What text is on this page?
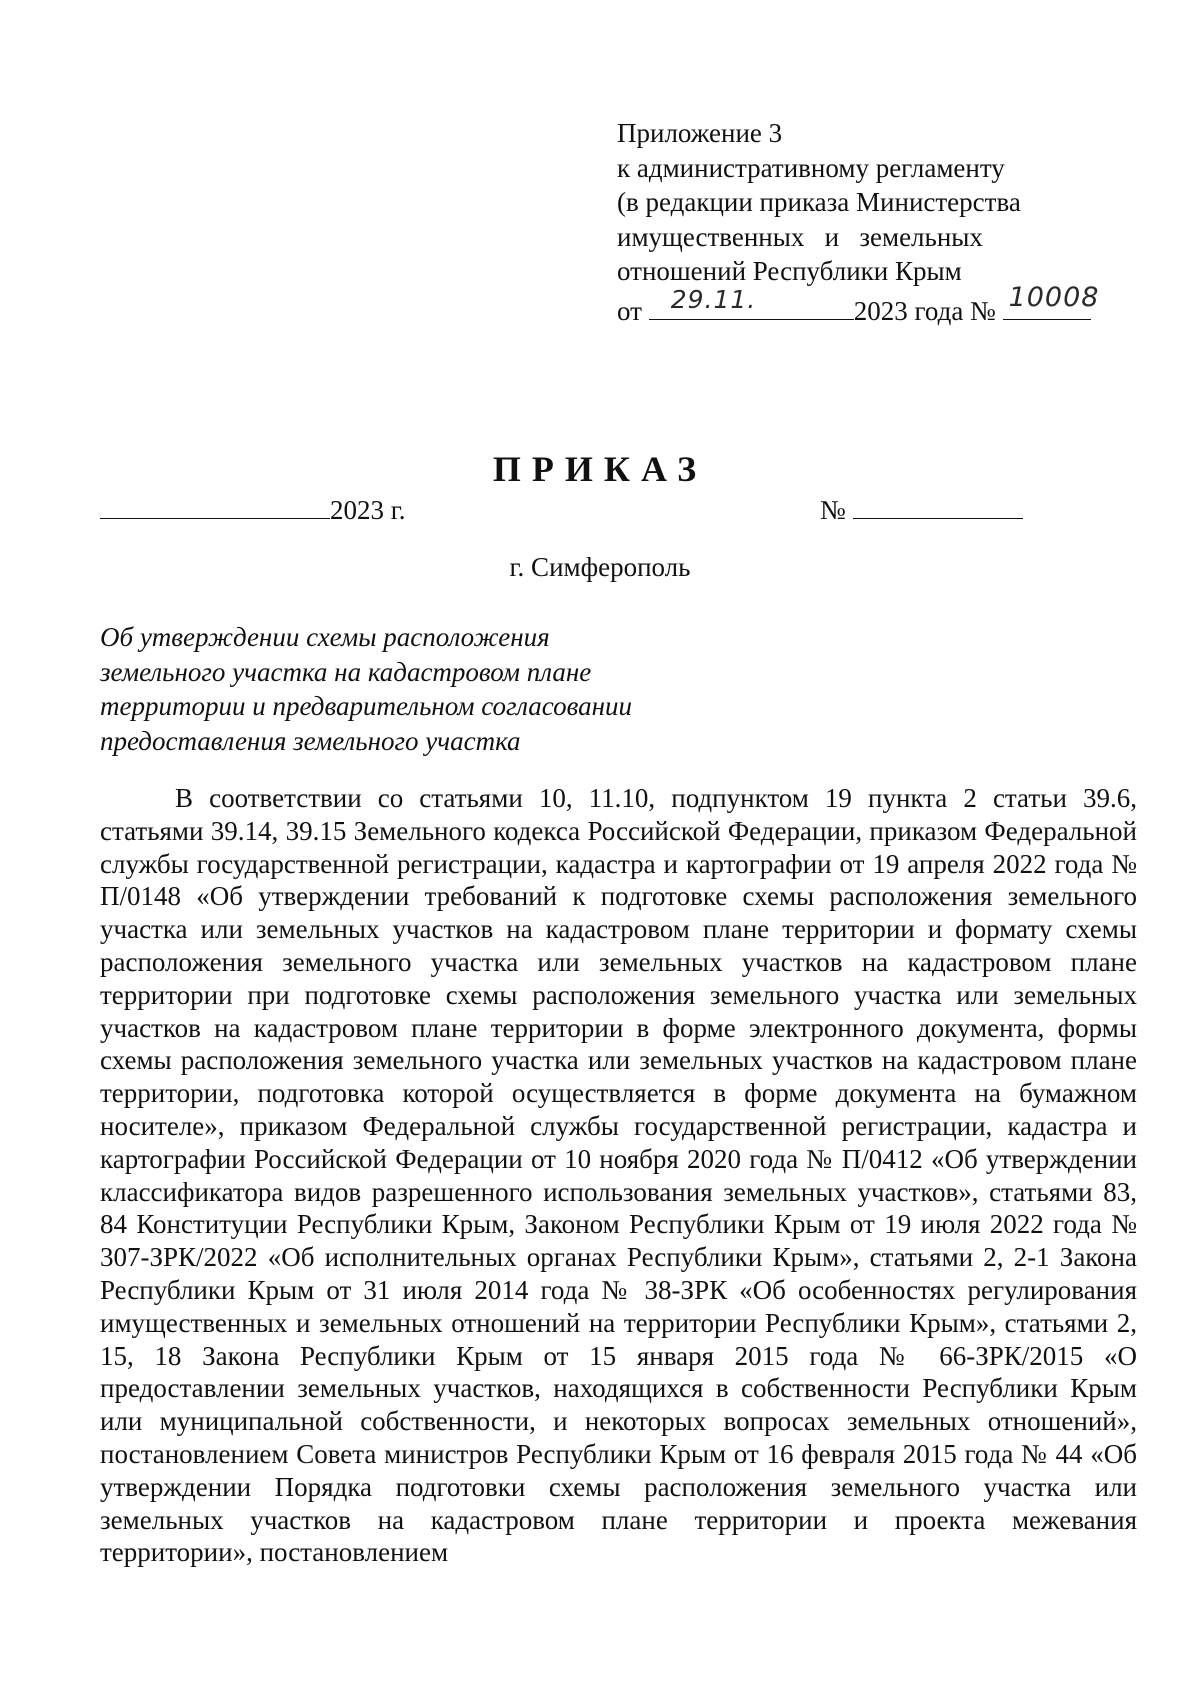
Приложение 3
к административному регламенту
(в редакции приказа Министерства
имущественных   и   земельных
отношений Республики Крым
от 29.11.	2023 года № 10008
ПРИКАЗ
2023 г.	№
г. Симферополь
Об утверждении схемы расположения
земельного участка на кадастровом плане
территории и предварительном согласовании
предоставления земельного участка

В соответствии со статьями 10, 11.10, подпунктом 19 пункта 2 статьи 39.6, статьями 39.14, 39.15 Земельного кодекса Российской Федерации, приказом Федеральной службы государственной регистрации, кадастра и картографии от 19 апреля 2022 года № П/0148 «Об утверждении требований к подготовке схемы расположения земельного участка или земельных участков на кадастровом плане территории и формату схемы расположения земельного участка или земельных участков на кадастровом плане территории при подготовке схемы расположения земельного участка или земельных участков на кадастровом плане территории в форме электронного документа, формы схемы расположения земельного участка или земельных участков на кадастровом плане территории, подготовка которой осуществляется в форме документа на бумажном носителе», приказом Федеральной службы государственной регистрации, кадастра и картографии Российской Федерации от 10 ноября 2020 года № П/0412 «Об утверждении классификатора видов разрешенного использования земельных участков», статьями 83, 84 Конституции Республики Крым, Законом Республики Крым от 19 июля 2022 года № 307-ЗРК/2022 «Об исполнительных органах Республики Крым», статьями 2, 2-1 Закона Республики Крым от 31 июля 2014 года № 38-ЗРК «Об особенностях регулирования имущественных и земельных отношений на территории Республики Крым», статьями 2, 15, 18 Закона Республики Крым от 15 января 2015 года № 66-ЗРК/2015 «О предоставлении земельных участков, находящихся в собственности Республики Крым или муниципальной собственности, и некоторых вопросах земельных отношений», постановлением Совета министров Республики Крым от 16 февраля 2015 года № 44 «Об утверждении Порядка подготовки схемы расположения земельного участка или земельных участков на кадастровом плане территории и проекта межевания территории», постановлением
